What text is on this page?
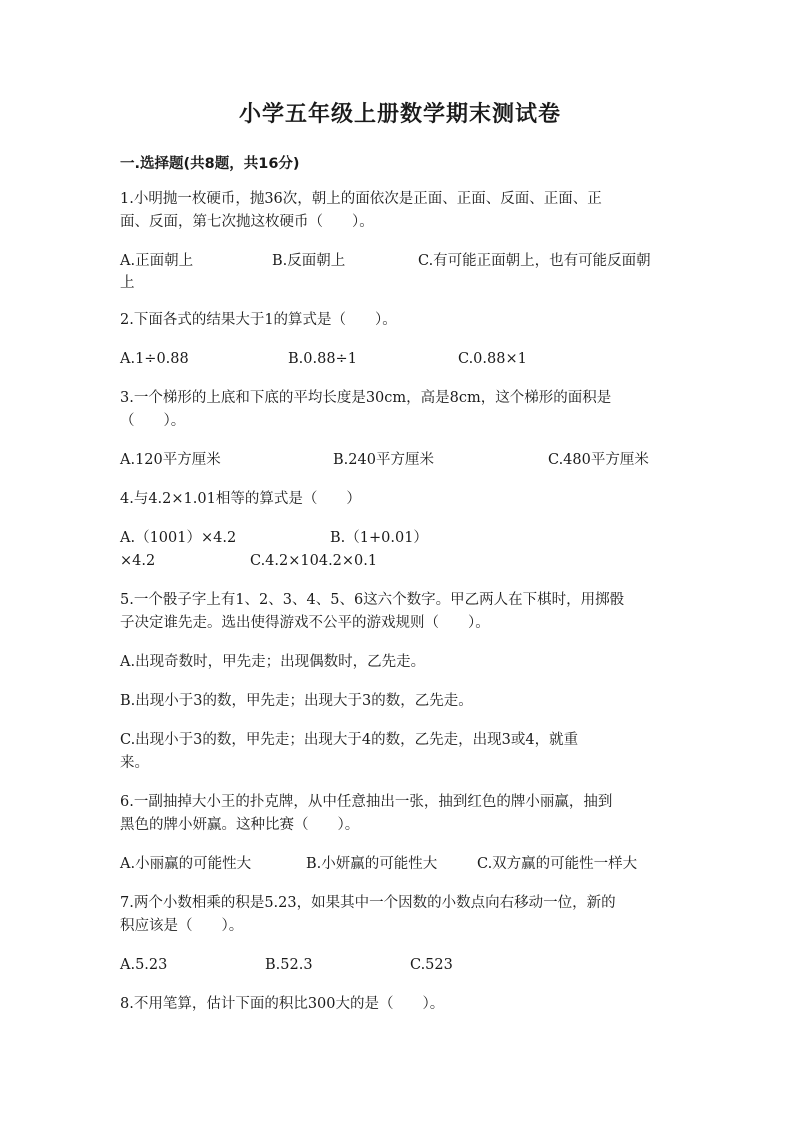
小学五年级上册数学期末测试卷
一.选择题(共8题，共16分)
1.小明抛一枚硬币，抛36次，朝上的面依次是正面、正面、反面、正面、正
面、反面，第七次抛这枚硬币（　　）。
A.正面朝上	B.反面朝上	C.有可能正面朝上，也有可能反面朝
上
2.下面各式的结果大于1的算式是（　　）。
A.1÷0.88	B.0.88÷1	C.0.88×1
3.一个梯形的上底和下底的平均长度是30cm，高是8cm，这个梯形的面积是
（　　）。
A.120平方厘米	B.240平方厘米	C.480平方厘米
4.与4.2×1.01相等的算式是（　　）
A.（1001）×4.2	B.（1+0.01）
×4.2	C.4.2×104.2×0.1
5.一个骰子字上有1、2、3、4、5、6这六个数字。甲乙两人在下棋时，用掷骰
子决定谁先走。选出使得游戏不公平的游戏规则（　　）。
A.出现奇数时，甲先走；出现偶数时，乙先走。
B.出现小于3的数，甲先走；出现大于3的数，乙先走。
C.出现小于3的数，甲先走；出现大于4的数，乙先走，出现3或4，就重
来。
6.一副抽掉大小王的扑克牌，从中任意抽出一张，抽到红色的牌小丽赢，抽到
黑色的牌小妍赢。这种比赛（　　）。
A.小丽赢的可能性大	B.小妍赢的可能性大	C.双方赢的可能性一样大
7.两个小数相乘的积是5.23，如果其中一个因数的小数点向右移动一位，新的
积应该是（　　）。
A.5.23	B.52.3	C.523
8.不用笔算，估计下面的积比300大的是（　　）。
